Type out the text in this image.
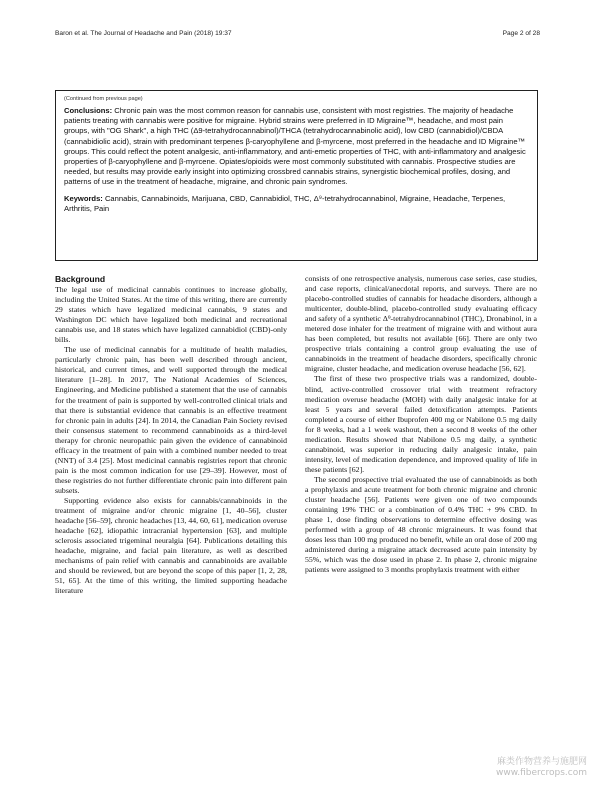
Baron et al. The Journal of Headache and Pain (2018) 19:37	Page 2 of 28
(Continued from previous page)

Conclusions: Chronic pain was the most common reason for cannabis use, consistent with most registries. The majority of headache patients treating with cannabis were positive for migraine. Hybrid strains were preferred in ID Migraine™, headache, and most pain groups, with "OG Shark", a high THC (Δ9-tetrahydrocannabinol)/THCA (tetrahydrocannabinolic acid), low CBD (cannabidiol)/CBDA (cannabidiolic acid), strain with predominant terpenes β-caryophyllene and β-myrcene, most preferred in the headache and ID Migraine™ groups. This could reflect the potent analgesic, anti-inflammatory, and anti-emetic properties of THC, with anti-inflammatory and analgesic properties of β-caryophyllene and β-myrcene. Opiates/opioids were most commonly substituted with cannabis. Prospective studies are needed, but results may provide early insight into optimizing crossbred cannabis strains, synergistic biochemical profiles, dosing, and patterns of use in the treatment of headache, migraine, and chronic pain syndromes.

Keywords: Cannabis, Cannabinoids, Marijuana, CBD, Cannabidiol, THC, Δ⁹-tetrahydrocannabinol, Migraine, Headache, Terpenes, Arthritis, Pain

Background

The legal use of medicinal cannabis continues to increase globally, including the United States. At the time of this writing, there are currently 29 states which have legalized medicinal cannabis, 9 states and Washington DC which have legalized both medicinal and recreational cannabis use, and 18 states which have legalized cannabidiol (CBD)-only bills.

The use of medicinal cannabis for a multitude of health maladies, particularly chronic pain, has been well described through ancient, historical, and current times, and well supported through the medical literature [1–28]. In 2017, The National Academies of Sciences, Engineering, and Medicine published a statement that the use of cannabis for the treatment of pain is supported by well-controlled clinical trials and that there is substantial evidence that cannabis is an effective treatment for chronic pain in adults [24]. In 2014, the Canadian Pain Society revised their consensus statement to recommend cannabinoids as a third-level therapy for chronic neuropathic pain given the evidence of cannabinoid efficacy in the treatment of pain with a combined number needed to treat (NNT) of 3.4 [25]. Most medicinal cannabis registries report that chronic pain is the most common indication for use [29–39]. However, most of these registries do not further differentiate chronic pain into different pain subsets.

Supporting evidence also exists for cannabis/cannabinoids in the treatment of migraine and/or chronic migraine [1, 40–56], cluster headache [56–59], chronic headaches [13, 44, 60, 61], medication overuse headache [62], idiopathic intracranial hypertension [63], and multiple sclerosis associated trigeminal neuralgia [64]. Publications detailing this headache, migraine, and facial pain literature, as well as described mechanisms of pain relief with cannabis and cannabinoids are available and should be reviewed, but are beyond the scope of this paper [1, 2, 28, 51, 65]. At the time of this writing, the limited supporting headache literature

consists of one retrospective analysis, numerous case series, case studies, and case reports, clinical/anecdotal reports, and surveys. There are no placebo-controlled studies of cannabis for headache disorders, although a multicenter, double-blind, placebo-controlled study evaluating efficacy and safety of a synthetic Δ⁹-tetrahydrocannabinol (THC), Dronabinol, in a metered dose inhaler for the treatment of migraine with and without aura has been completed, but results not available [66]. There are only two prospective trials containing a control group evaluating the use of cannabinoids in the treatment of headache disorders, specifically chronic migraine, cluster headache, and medication overuse headache [56, 62].

The first of these two prospective trials was a randomized, double-blind, active-controlled crossover trial with treatment refractory medication overuse headache (MOH) with daily analgesic intake for at least 5 years and several failed detoxification attempts. Patients completed a course of either Ibuprofen 400 mg or Nabilone 0.5 mg daily for 8 weeks, had a 1 week washout, then a second 8 weeks of the other medication. Results showed that Nabilone 0.5 mg daily, a synthetic cannabinoid, was superior in reducing daily analgesic intake, pain intensity, level of medication dependence, and improved quality of life in these patients [62].

The second prospective trial evaluated the use of cannabinoids as both a prophylaxis and acute treatment for both chronic migraine and chronic cluster headache [56]. Patients were given one of two compounds containing 19% THC or a combination of 0.4% THC + 9% CBD. In phase 1, dose finding observations to determine effective dosing was performed with a group of 48 chronic migraineurs. It was found that doses less than 100 mg produced no benefit, while an oral dose of 200 mg administered during a migraine attack decreased acute pain intensity by 55%, which was the dose used in phase 2. In phase 2, chronic migraine patients were assigned to 3 months prophylaxis treatment with either

麻类作物营养与施肥网
www.fibercrops.com
